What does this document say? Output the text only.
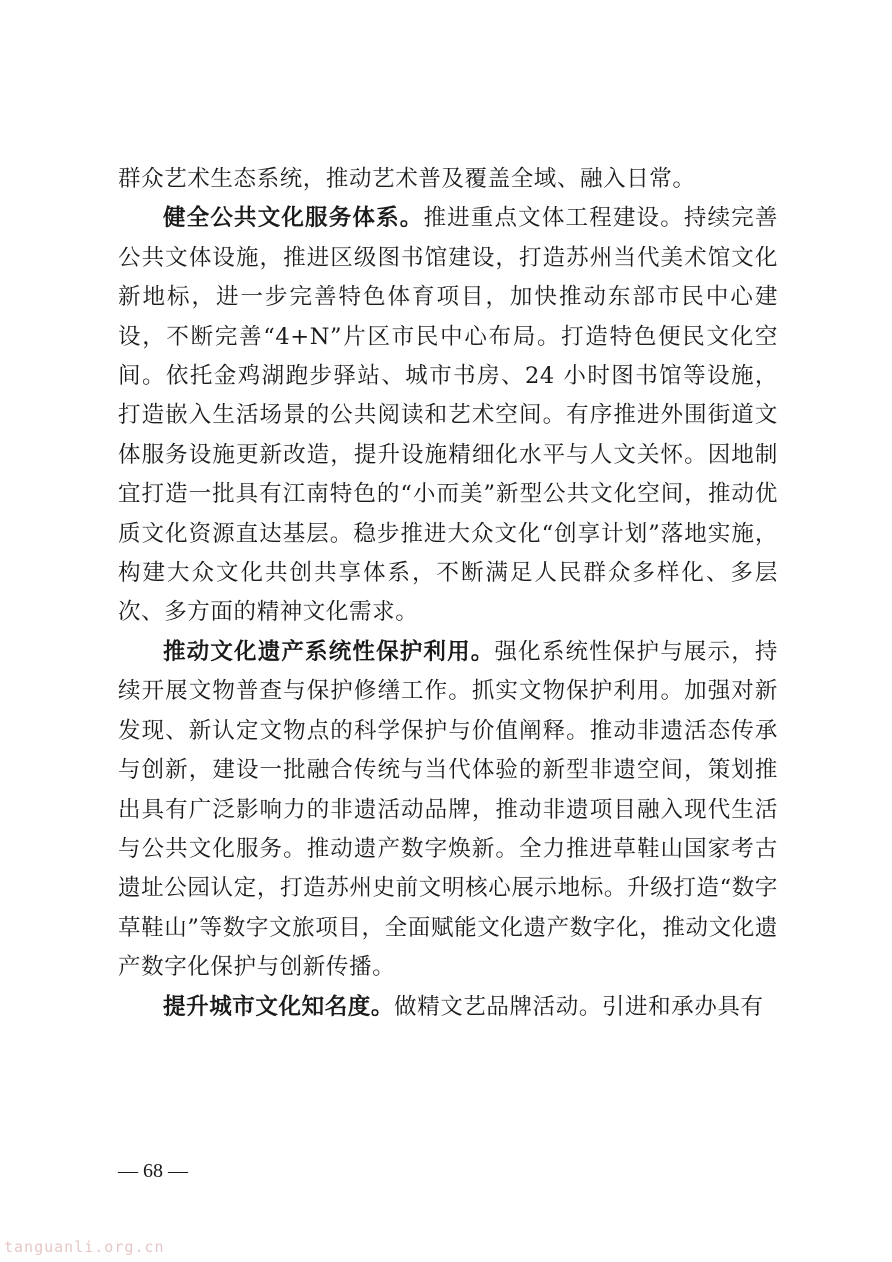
群众艺术生态系统，推动艺术普及覆盖全域、融入日常。

健全公共文化服务体系。推进重点文体工程建设。持续完善公共文体设施，推进区级图书馆建设，打造苏州当代美术馆文化新地标，进一步完善特色体育项目，加快推动东部市民中心建设，不断完善“4+N”片区市民中心布局。打造特色便民文化空间。依托金鸡湖跑步驿站、城市书房、24 小时图书馆等设施，打造嵌入生活场景的公共阅读和艺术空间。有序推进外围街道文体服务设施更新改造，提升设施精细化水平与人文关怀。因地制宜打造一批具有江南特色的“小而美”新型公共文化空间，推动优质文化资源直达基层。稳步推进大众文化“创享计划”落地实施，构建大众文化共创共享体系，不断满足人民群众多样化、多层次、多方面的精神文化需求。

推动文化遗产系统性保护利用。强化系统性保护与展示，持续开展文物普查与保护修缮工作。抓实文物保护利用。加强对新发现、新认定文物点的科学保护与价值阐释。推动非遗活态传承与创新，建设一批融合传统与当代体验的新型非遗空间，策划推出具有广泛影响力的非遗活动品牌，推动非遗项目融入现代生活与公共文化服务。推动遗产数字焕新。全力推进草鞋山国家考古遗址公园认定，打造苏州史前文明核心展示地标。升级打造“数字草鞋山”等数字文旅项目，全面赋能文化遗产数字化，推动文化遗产数字化保护与创新传播。

提升城市文化知名度。做精文艺品牌活动。引进和承办具有

— 68 —
tanguanli.org.cn
